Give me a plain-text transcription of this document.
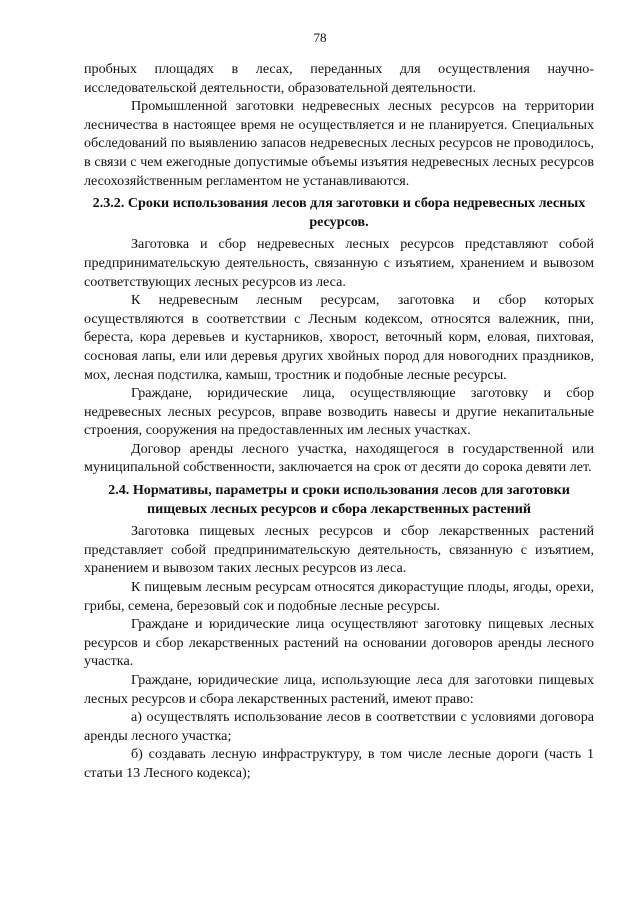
78

пробных площадях в лесах, переданных для осуществления научно-исследовательской деятельности, образовательной деятельности.

Промышленной заготовки недревесных лесных ресурсов на территории лесничества в настоящее время не осуществляется и не планируется. Специальных обследований по выявлению запасов недревесных лесных ресурсов не проводилось, в связи с чем ежегодные допустимые объемы изъятия недревесных лесных ресурсов лесохозяйственным регламентом не устанавливаются.

2.3.2. Сроки использования лесов для заготовки и сбора недревесных лесных ресурсов.

Заготовка и сбор недревесных лесных ресурсов представляют собой предпринимательскую деятельность, связанную с изъятием, хранением и вывозом соответствующих лесных ресурсов из леса.

К недревесным лесным ресурсам, заготовка и сбор которых осуществляются в соответствии с Лесным кодексом, относятся валежник, пни, береста, кора деревьев и кустарников, хворост, веточный корм, еловая, пихтовая, сосновая лапы, ели или деревья других хвойных пород для новогодних праздников, мох, лесная подстилка, камыш, тростник и подобные лесные ресурсы.

Граждане, юридические лица, осуществляющие заготовку и сбор недревесных лесных ресурсов, вправе возводить навесы и другие некапитальные строения, сооружения на предоставленных им лесных участках.

Договор аренды лесного участка, находящегося в государственной или муниципальной собственности, заключается на срок от десяти до сорока девяти лет.

2.4. Нормативы, параметры и сроки использования лесов для заготовки пищевых лесных ресурсов и сбора лекарственных растений

Заготовка пищевых лесных ресурсов и сбор лекарственных растений представляет собой предпринимательскую деятельность, связанную с изъятием, хранением и вывозом таких лесных ресурсов из леса.

К пищевым лесным ресурсам относятся дикорастущие плоды, ягоды, орехи, грибы, семена, березовый сок и подобные лесные ресурсы.

Граждане и юридические лица осуществляют заготовку пищевых лесных ресурсов и сбор лекарственных растений на основании договоров аренды лесного участка.

Граждане, юридические лица, использующие леса для заготовки пищевых лесных ресурсов и сбора лекарственных растений, имеют право:

а) осуществлять использование лесов в соответствии с условиями договора аренды лесного участка;

б) создавать лесную инфраструктуру, в том числе лесные дороги (часть 1 статьи 13 Лесного кодекса);
